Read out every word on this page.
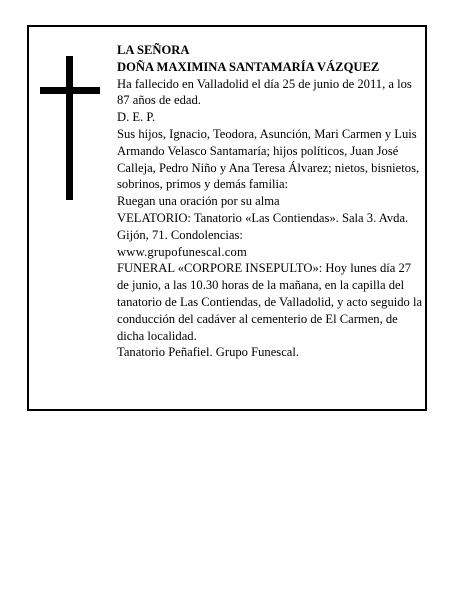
LA SEÑORA

DOÑA MAXIMINA SANTAMARÍA VÁZQUEZ

Ha fallecido en Valladolid el día 25 de junio de 2011, a los 87 años de edad.

D. E. P.

Sus hijos, Ignacio, Teodora, Asunción, Mari Carmen y Luis Armando Velasco Santamaría; hijos políticos, Juan José Calleja, Pedro Niño y Ana Teresa Álvarez; nietos, bisnietos, sobrinos, primos y demás familia:

Ruegan una oración por su alma

VELATORIO: Tanatorio «Las Contiendas». Sala 3. Avda. Gijón, 71. Condolencias:

www.grupofunescal.com

FUNERAL «CORPORE INSEPULTO»: Hoy lunes día 27 de junio, a las 10.30 horas de la mañana, en la capilla del tanatorio de Las Contiendas, de Valladolid, y acto seguido la conducción del cadáver al cementerio de El Carmen, de dicha localidad.

Tanatorio Peñafiel. Grupo Funescal.
